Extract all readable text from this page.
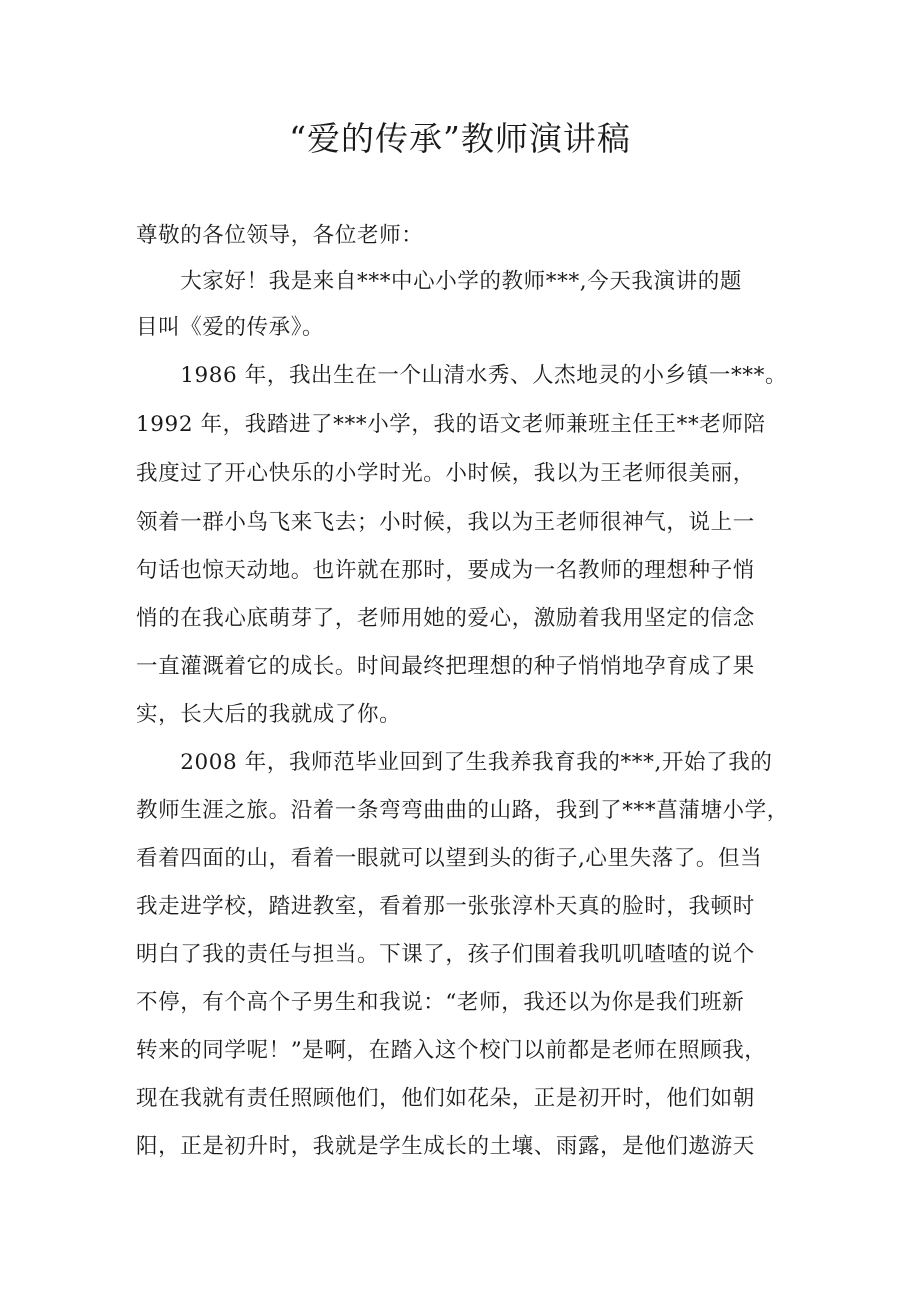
“爱的传承”教师演讲稿

尊敬的各位领导，各位老师：

　　大家好！我是来自***中心小学的教师***,今天我演讲的题

目叫《爱的传承》。

　　1986 年，我出生在一个山清水秀、人杰地灵的小乡镇一***。

1992 年，我踏进了***小学，我的语文老师兼班主任王**老师陪

我度过了开心快乐的小学时光。小时候，我以为王老师很美丽，

领着一群小鸟飞来飞去；小时候，我以为王老师很神气，说上一

句话也惊天动地。也许就在那时，要成为一名教师的理想种子悄

悄的在我心底萌芽了，老师用她的爱心，激励着我用坚定的信念

一直灌溉着它的成长。时间最终把理想的种子悄悄地孕育成了果

实，长大后的我就成了你。

　　2008 年，我师范毕业回到了生我养我育我的***,开始了我的

教师生涯之旅。沿着一条弯弯曲曲的山路，我到了***菖蒲塘小学，

看着四面的山，看着一眼就可以望到头的街子,心里失落了。但当

我走进学校，踏进教室，看着那一张张淳朴天真的脸时，我顿时

明白了我的责任与担当。下课了，孩子们围着我叽叽喳喳的说个

不停，有个高个子男生和我说：“老师，我还以为你是我们班新

转来的同学呢！”是啊，在踏入这个校门以前都是老师在照顾我，

现在我就有责任照顾他们，他们如花朵，正是初开时，他们如朝

阳，正是初升时，我就是学生成长的土壤、雨露，是他们遨游天
